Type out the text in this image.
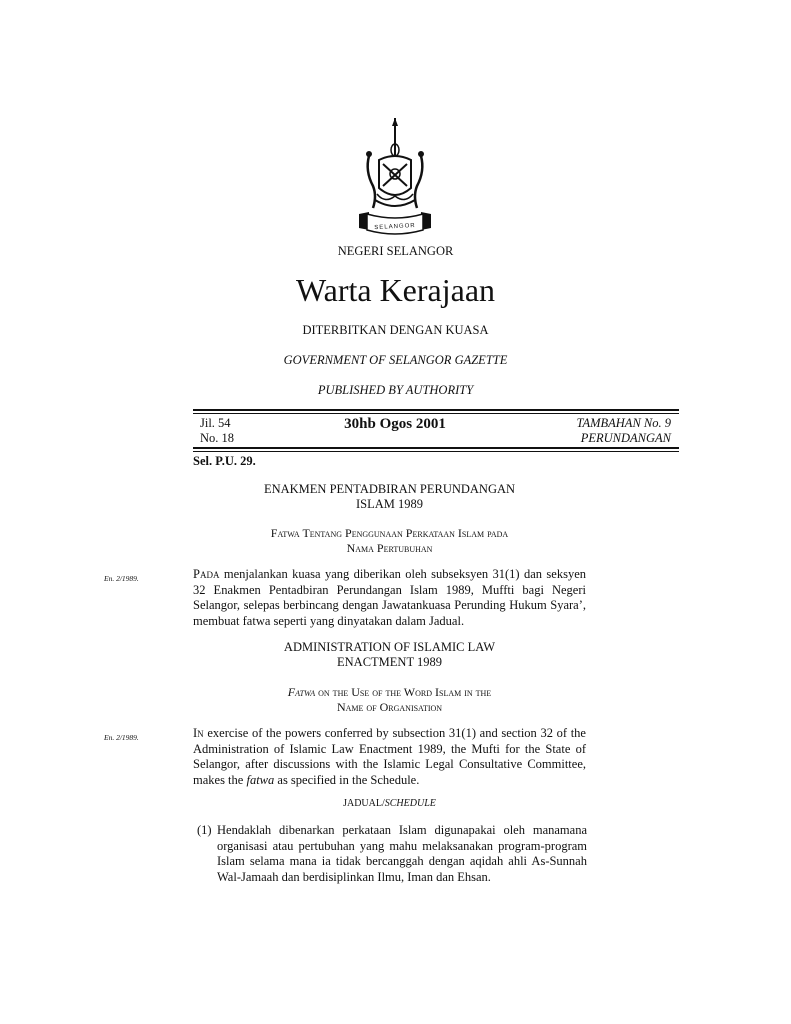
SELANGOR
NEGERI SELANGOR
Warta Kerajaan
DITERBITKAN DENGAN KUASA
GOVERNMENT OF SELANGOR GAZETTE
PUBLISHED BY AUTHORITY
Jil. 54
No. 18
30hb Ogos 2001	TAMBAHAN No. 9
PERUNDANGAN
Sel. P.U. 29.
ENAKMEN PENTADBIRAN PERUNDANGAN
ISLAM 1989
Fatwa Tentang Penggunaan Perkataan Islam pada
Nama Pertubuhan
En. 2/1989.	Pada menjalankan kuasa yang diberikan oleh subseksyen 31(1) dan seksyen 32 Enakmen Pentadbiran Perundangan Islam 1989, Muffti bagi Negeri Selangor, selepas berbincang dengan Jawatankuasa Perunding Hukum Syara’, membuat fatwa seperti yang dinyatakan dalam Jadual.
ADMINISTRATION OF ISLAMIC LAW
ENACTMENT 1989
Fatwa on the Use of the Word Islam in the
Name of Organisation
En. 2/1989.	In exercise of the powers conferred by subsection 31(1) and section 32 of the Administration of Islamic Law Enactment 1989, the Mufti for the State of Selangor, after discussions with the Islamic Legal Consultative Committee, makes the fatwa as specified in the Schedule.
JADUAL/SCHEDULE
(1) Hendaklah dibenarkan perkataan Islam digunapakai oleh manamana organisasi atau pertubuhan yang mahu melaksanakan program-program Islam selama mana ia tidak bercanggah dengan aqidah ahli As-Sunnah Wal-Jamaah dan berdisiplinkan Ilmu, Iman dan Ehsan.
